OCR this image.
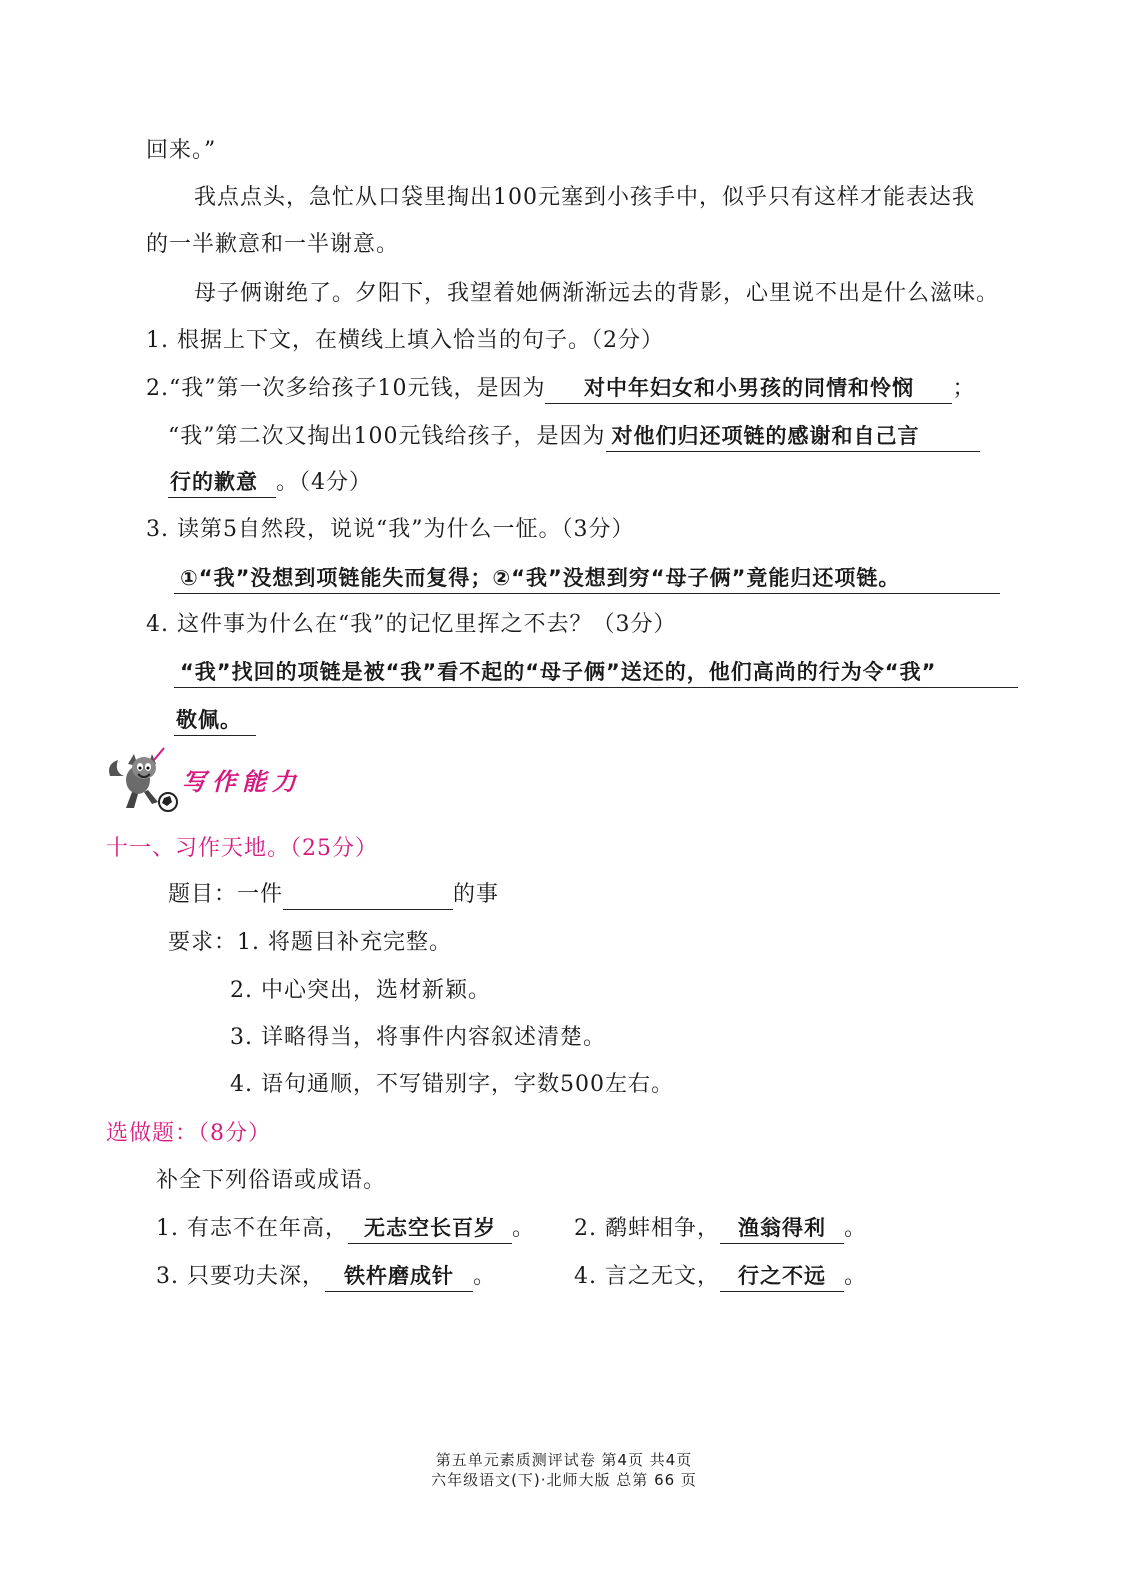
回来。”
我点点头，急忙从口袋里掏出100元塞到小孩手中，似乎只有这样才能表达我
的一半歉意和一半谢意。
母子俩谢绝了。夕阳下，我望着她俩渐渐远去的背影，心里说不出是什么滋味。
1. 根据上下文，在横线上填入恰当的句子。（2分）
2.“我”第一次多给孩子10元钱，是因为 对中年妇女和小男孩的同情和怜悯 ；
“我”第二次又掏出100元钱给孩子，是因为 对他们归还项链的感谢和自己言
行的歉意 。（4分）
3. 读第5自然段，说说“我”为什么一怔。（3分）
①“我”没想到项链能失而复得；②“我”没想到穷“母子俩”竟能归还项链。
4. 这件事为什么在“我”的记忆里挥之不去？（3分）
“我”找回的项链是被“我”看不起的“母子俩”送还的，他们高尚的行为令“我”
敬佩。
写作能力
十一、习作天地。（25分）
题目：一件	的事
要求：1. 将题目补充完整。
2. 中心突出，选材新颖。
3. 详略得当，将事件内容叙述清楚。
4. 语句通顺，不写错别字，字数500左右。
选做题：（8分）
补全下列俗语或成语。
1. 有志不在年高， 无志空长百岁 。 2. 鹬蚌相争， 渔翁得利 。
3. 只要功夫深， 铁杵磨成针 。	4. 言之无文， 行之不远 。
第五单元素质测评试卷 第4页 共4页
六年级语文(下)·北师大版 总第 66 页
